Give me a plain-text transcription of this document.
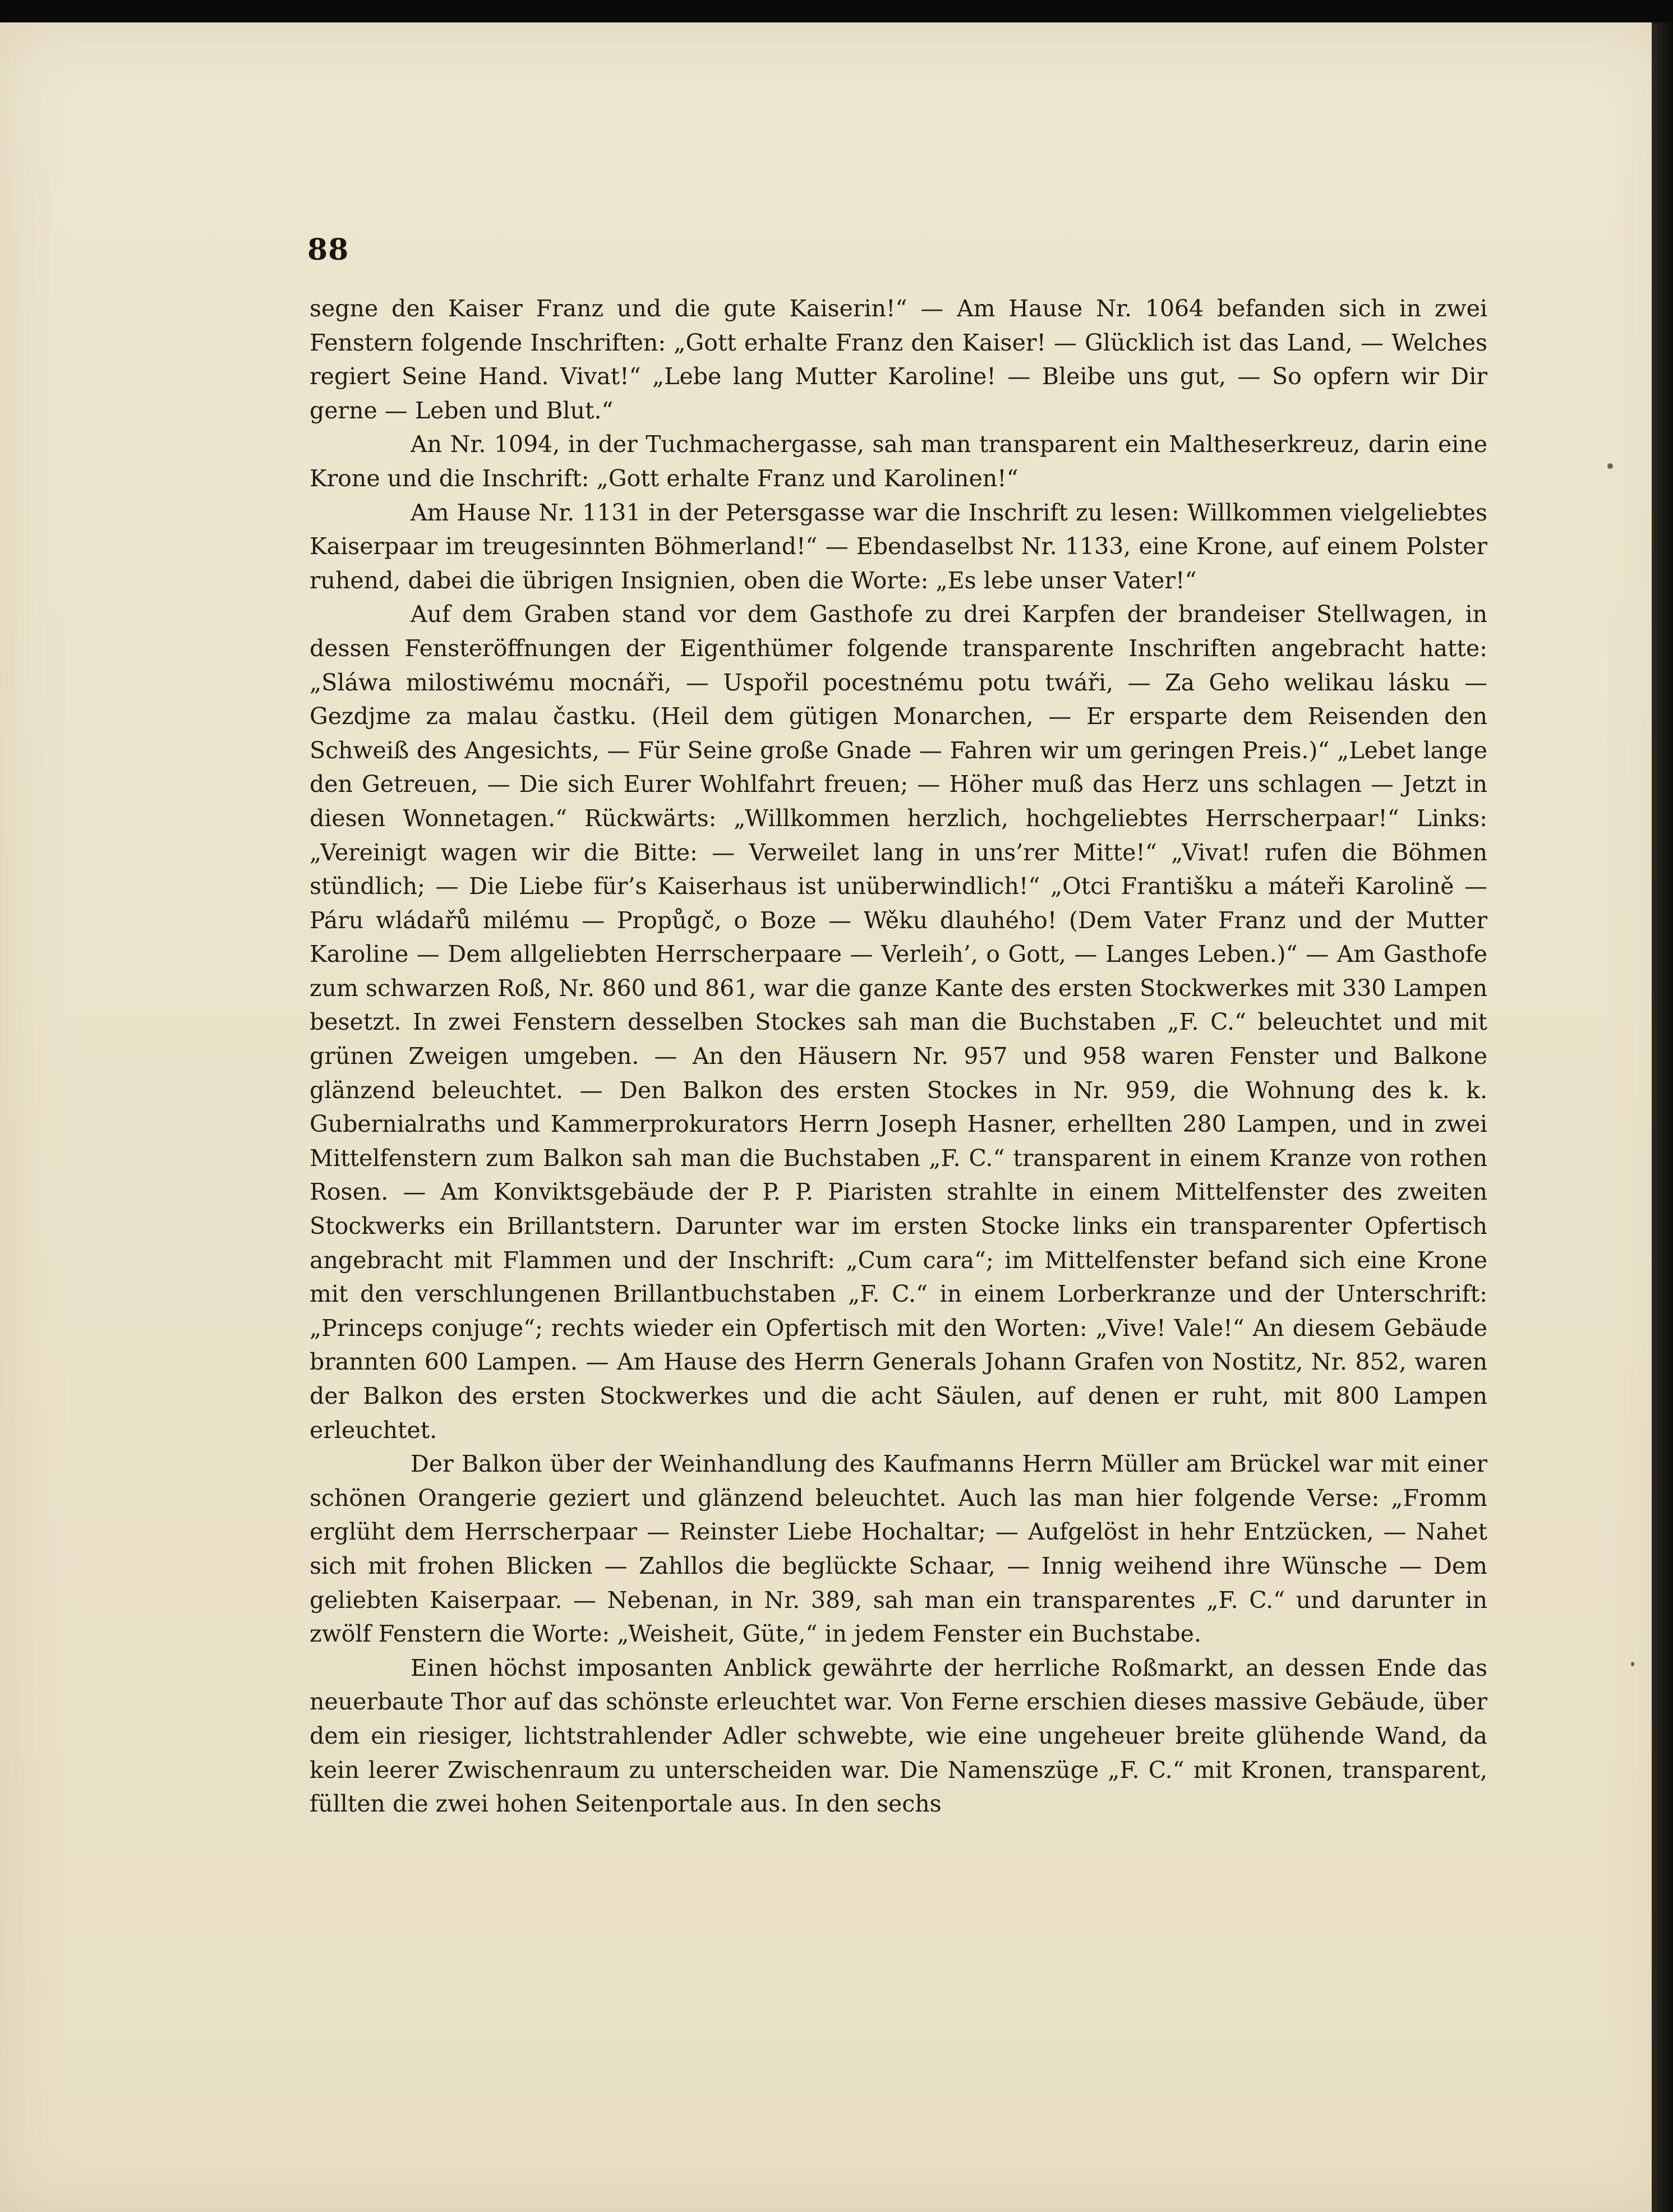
88

segne den Kaiser Franz und die gute Kaiserin!“ — Am Hause Nr. 1064 befanden sich in zwei Fenstern folgende Inschriften: „Gott erhalte Franz den Kaiser! — Glücklich ist das Land, — Welches regiert Seine Hand. Vivat!“ „Lebe lang Mutter Karoline! — Bleibe uns gut, — So opfern wir Dir gerne — Leben und Blut.“

An Nr. 1094, in der Tuchmachergasse, sah man transparent ein Maltheserkreuz, darin eine Krone und die Inschrift: „Gott erhalte Franz und Karolinen!“

Am Hause Nr. 1131 in der Petersgasse war die Inschrift zu lesen: Willkommen vielgeliebtes Kaiserpaar im treugesinnten Böhmerland!“ — Ebendaselbst Nr. 1133, eine Krone, auf einem Polster ruhend, dabei die übrigen Insignien, oben die Worte: „Es lebe unser Vater!“

Auf dem Graben stand vor dem Gasthofe zu drei Karpfen der brandeiser Stellwagen, in dessen Fensteröffnungen der Eigenthümer folgende transparente Inschriften angebracht hatte: „Sláwa milostiwému mocnáři, — Uspořil pocestnému potu twáři, — Za Geho welikau lásku — Gezdjme za malau častku. (Heil dem gütigen Monarchen, — Er ersparte dem Reisenden den Schweiß des Angesichts, — Für Seine große Gnade — Fahren wir um geringen Preis.)“ „Lebet lange den Getreuen, — Die sich Eurer Wohlfahrt freuen; — Höher muß das Herz uns schlagen — Jetzt in diesen Wonnetagen.“ Rückwärts: „Willkommen herzlich, hochgeliebtes Herrscherpaar!“ Links: „Vereinigt wagen wir die Bitte: — Verweilet lang in uns’rer Mitte!“ „Vivat! rufen die Böhmen stündlich; — Die Liebe für’s Kaiserhaus ist unüberwindlich!“ „Otci Františku a máteři Karolině — Páru wládařů milému — Propůgč, o Boze — Wěku dlauhého! (Dem Vater Franz und der Mutter Karoline — Dem allgeliebten Herrscherpaare — Verleih’, o Gott, — Langes Leben.)“ — Am Gasthofe zum schwarzen Roß, Nr. 860 und 861, war die ganze Kante des ersten Stockwerkes mit 330 Lampen besetzt. In zwei Fenstern desselben Stockes sah man die Buchstaben „F. C.“ beleuchtet und mit grünen Zweigen umgeben. — An den Häusern Nr. 957 und 958 waren Fenster und Balkone glänzend beleuchtet. — Den Balkon des ersten Stockes in Nr. 959, die Wohnung des k. k. Gubernialraths und Kammerprokurators Herrn Joseph Hasner, erhellten 280 Lampen, und in zwei Mittelfenstern zum Balkon sah man die Buchstaben „F. C.“ transparent in einem Kranze von rothen Rosen. — Am Konviktsgebäude der P. P. Piaristen strahlte in einem Mittelfenster des zweiten Stockwerks ein Brillantstern. Darunter war im ersten Stocke links ein transparenter Opfertisch angebracht mit Flammen und der Inschrift: „Cum cara“; im Mittelfenster befand sich eine Krone mit den verschlungenen Brillantbuchstaben „F. C.“ in einem Lorberkranze und der Unterschrift: „Princeps conjuge“; rechts wieder ein Opfertisch mit den Worten: „Vive! Vale!“ An diesem Gebäude brannten 600 Lampen. — Am Hause des Herrn Generals Johann Grafen von Nostitz, Nr. 852, waren der Balkon des ersten Stockwerkes und die acht Säulen, auf denen er ruht, mit 800 Lampen erleuchtet.

Der Balkon über der Weinhandlung des Kaufmanns Herrn Müller am Brückel war mit einer schönen Orangerie geziert und glänzend beleuchtet. Auch las man hier folgende Verse: „Fromm erglüht dem Herrscherpaar — Reinster Liebe Hochaltar; — Aufgelöst in hehr Entzücken, — Nahet sich mit frohen Blicken — Zahllos die beglückte Schaar, — Innig weihend ihre Wünsche — Dem geliebten Kaiserpaar. — Nebenan, in Nr. 389, sah man ein transparentes „F. C.“ und darunter in zwölf Fenstern die Worte: „Weisheit, Güte,“ in jedem Fenster ein Buchstabe.

Einen höchst imposanten Anblick gewährte der herrliche Roßmarkt, an dessen Ende das neuerbaute Thor auf das schönste erleuchtet war. Von Ferne erschien dieses massive Gebäude, über dem ein riesiger, lichtstrahlender Adler schwebte, wie eine ungeheuer breite glühende Wand, da kein leerer Zwischenraum zu unterscheiden war. Die Namenszüge „F. C.“ mit Kronen, transparent, füllten die zwei hohen Seitenportale aus. In den sechs
